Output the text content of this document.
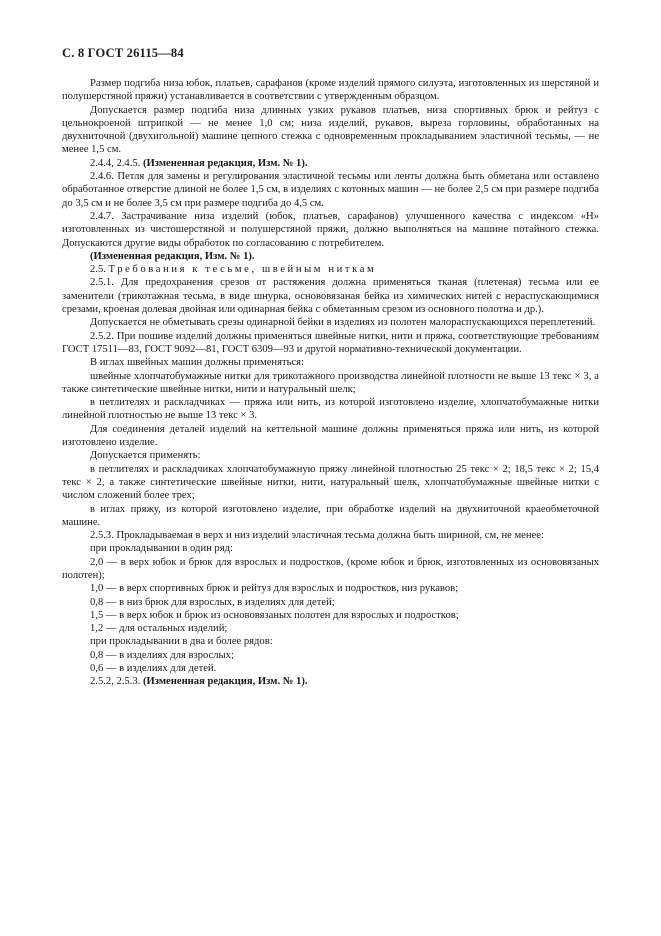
С. 8 ГОСТ 26115—84

Размер подгиба низа юбок, платьев, сарафанов (кроме изделий прямого силуэта, изготовленных из шерстяной и полушерстяной пряжи) устанавливается в соответствии с утвержденным образцом.

Допускается размер подгиба низа длинных узких рукавов платьев, низа спортивных брюк и рейтуз с цельнокроеной штрипкой — не менее 1,0 см; низа изделий, рукавов, выреза горловины, обработанных на двухниточной (двухигольной) машине цепного стежка с одновременным прокладыванием эластичной тесьмы, — не менее 1,5 см.

2.4.4, 2.4.5. (Измененная редакция, Изм. № 1).

2.4.6. Петля для замены и регулирования эластичной тесьмы или ленты должна быть обметана или оставлено обработанное отверстие длиной не более 1,5 см, в изделиях с котонных машин — не более 2,5 см при размере подгиба до 3,5 см и не более 3,5 см при размере подгиба до 4,5 см.

2.4.7. Застрачивание низа изделий (юбок, платьев, сарафанов) улучшенного качества с индексом «Н» изготовленных из чистошерстяной и полушерстяной пряжи, должно выполняться на машине потайного стежка. Допускаются другие виды обработок по согласованию с потребителем.

(Измененная редакция, Изм. № 1).

2.5. Требования к тесьме, швейным ниткам

2.5.1. Для предохранения срезов от растяжения должна применяться тканая (плетеная) тесьма или ее заменители (трикотажная тесьма, в виде шнурка, основовязаная бейка из химических нитей с нераспускающимися срезами, кроеная долевая двойная или одинарная бейка с обметанным срезом из основного полотна и др.).

Допускается не обметывать срезы одинарной бейки в изделиях из полотен малораспускающихся переплетений.

2.5.2. При пошиве изделий должны применяться швейные нитки, нити и пряжа, соответствующие требованиям ГОСТ 17511—83, ГОСТ 9092—81, ГОСТ 6309—93 и другой нормативно-технической документации.

В иглах швейных машин должны применяться:

швейные хлопчатобумажные нитки для трикотажного производства линейной плотности не выше 13 текс × 3, а также синтетические швейные нитки, нити и натуральный шелк;

в петлителях и раскладчиках — пряжа или нить, из которой изготовлено изделие, хлопчатобумажные нитки линейной плотностью не выше 13 текс × 3.

Для соединения деталей изделий на кеттельной машине должны применяться пряжа или нить, из которой изготовлено изделие.

Допускается применять:

в петлителях и раскладчиках хлопчатобумажную пряжу линейной плотностью 25 текс × 2; 18,5 текс × 2; 15,4 текс × 2, а также синтетические швейные нитки, нити, натуральный шелк, хлопчатобумажные швейные нитки с числом сложений более трех;

в иглах пряжу, из которой изготовлено изделие, при обработке изделий на двухниточной краеобметочной машине.

2.5.3. Прокладываемая в верх и низ изделий эластичная тесьма должна быть шириной, см, не менее:

при прокладывании в один ряд:

2,0 — в верх юбок и брюк для взрослых и подростков, (кроме юбок и брюк, изготовленных из основовязаных полотен);

1,0 — в верх спортивных брюк и рейтуз для взрослых и подростков, низ рукавов;

0,8 — в низ брюк для взрослых, в изделиях для детей;

1,5 — в верх юбок и брюк из основовязаных полотен для взрослых и подростков;

1,2 — для остальных изделий;

при прокладывании в два и более рядов:

0,8 — в изделиях для взрослых;

0,6 — в изделиях для детей.

2.5.2, 2.5.3. (Измененная редакция, Изм. № 1).
